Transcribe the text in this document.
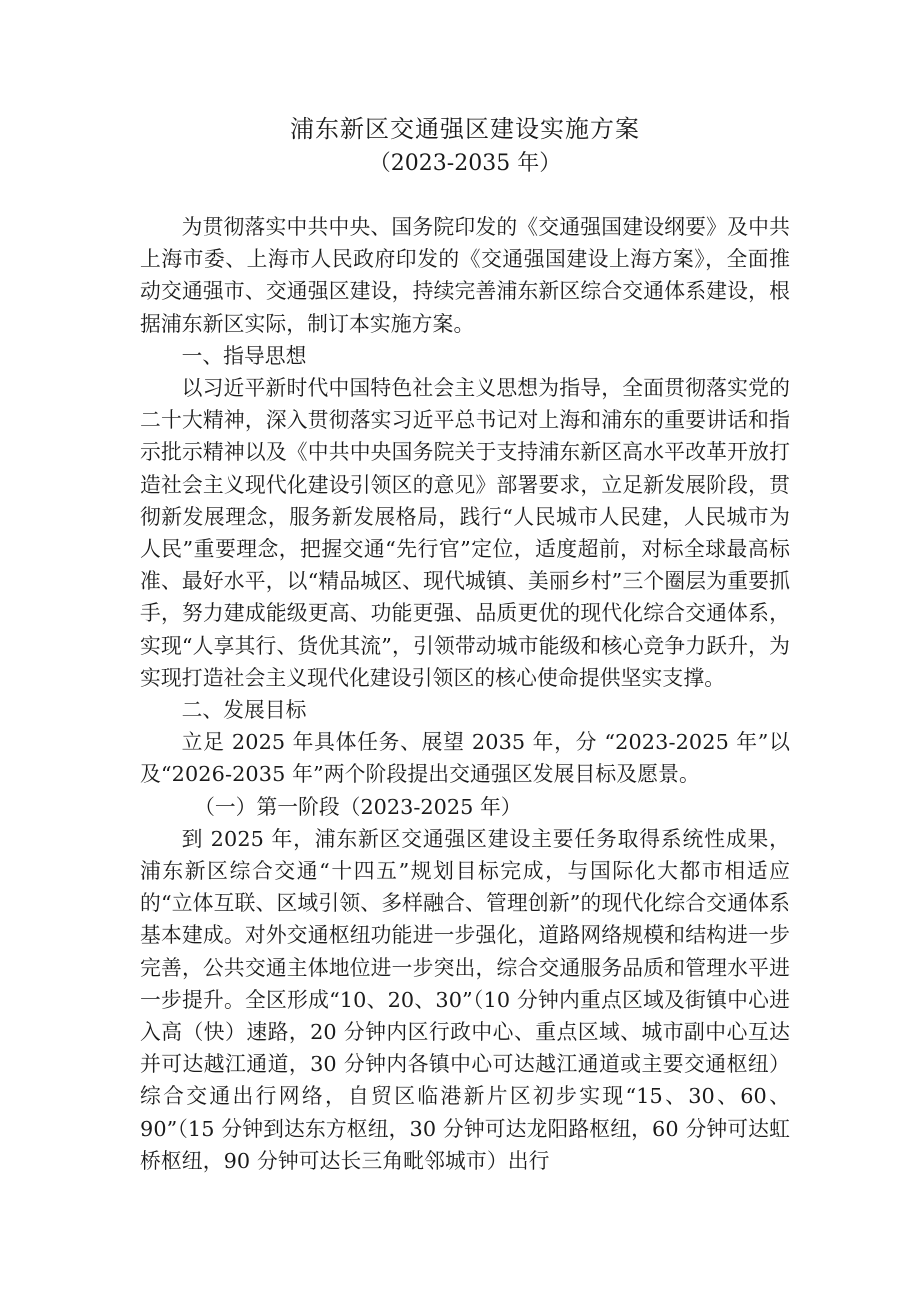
浦东新区交通强区建设实施方案
（2023-2035 年）

为贯彻落实中共中央、国务院印发的《交通强国建设纲要》及中共上海市委、上海市人民政府印发的《交通强国建设上海方案》，全面推动交通强市、交通强区建设，持续完善浦东新区综合交通体系建设，根据浦东新区实际，制订本实施方案。

一、指导思想

以习近平新时代中国特色社会主义思想为指导，全面贯彻落实党的二十大精神，深入贯彻落实习近平总书记对上海和浦东的重要讲话和指示批示精神以及《中共中央国务院关于支持浦东新区高水平改革开放打造社会主义现代化建设引领区的意见》部署要求，立足新发展阶段，贯彻新发展理念，服务新发展格局，践行“人民城市人民建，人民城市为人民”重要理念，把握交通“先行官”定位，适度超前，对标全球最高标准、最好水平，以“精品城区、现代城镇、美丽乡村”三个圈层为重要抓手，努力建成能级更高、功能更强、品质更优的现代化综合交通体系，实现“人享其行、货优其流”，引领带动城市能级和核心竞争力跃升，为实现打造社会主义现代化建设引领区的核心使命提供坚实支撑。

二、发展目标

立足 2025 年具体任务、展望 2035 年，分 “2023-2025 年”以及“2026-2035 年”两个阶段提出交通强区发展目标及愿景。

（一）第一阶段（2023-2025 年）

到 2025 年，浦东新区交通强区建设主要任务取得系统性成果，浦东新区综合交通“十四五”规划目标完成，与国际化大都市相适应的“立体互联、区域引领、多样融合、管理创新”的现代化综合交通体系基本建成。对外交通枢纽功能进一步强化，道路网络规模和结构进一步完善，公共交通主体地位进一步突出，综合交通服务品质和管理水平进一步提升。全区形成“10、20、30”（10 分钟内重点区域及街镇中心进入高（快）速路，20 分钟内区行政中心、重点区域、城市副中心互达并可达越江通道，30 分钟内各镇中心可达越江通道或主要交通枢纽）综合交通出行网络，自贸区临港新片区初步实现“15、30、60、90”（15 分钟到达东方枢纽，30 分钟可达龙阳路枢纽，60 分钟可达虹桥枢纽，90 分钟可达长三角毗邻城市）出行
